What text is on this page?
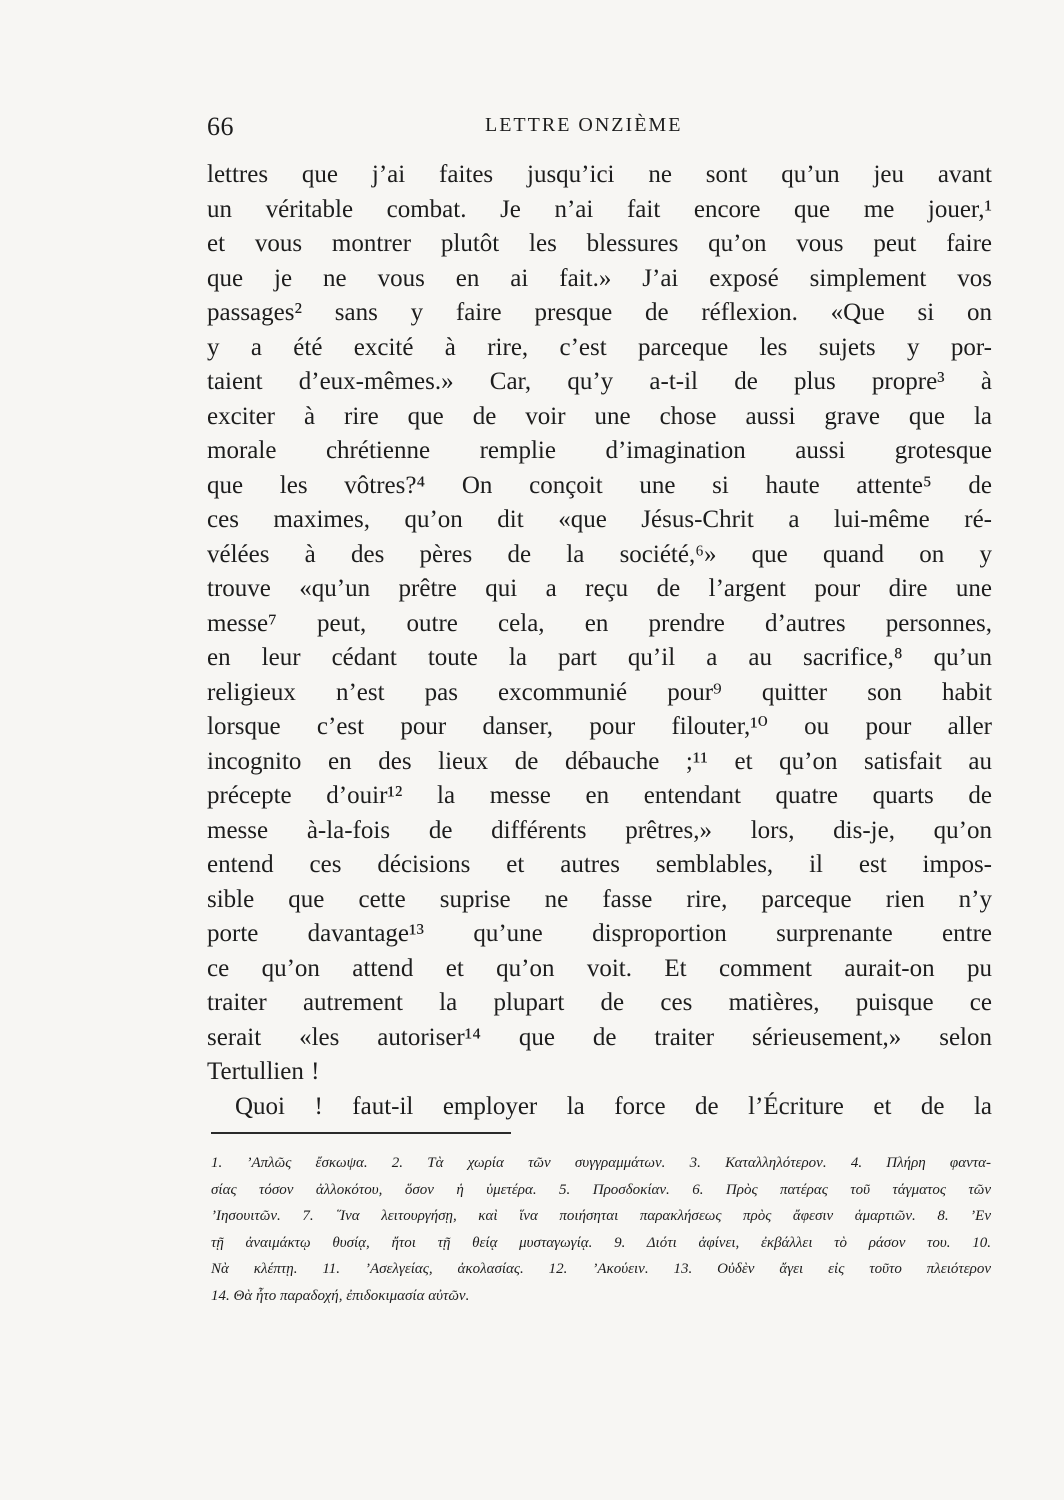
66	LETTRE ONZIÈME
lettres que j’ai faites jusqu’ici ne sont qu’un jeu avant
un véritable combat. Je n’ai fait encore que me jouer,¹
et vous montrer plutôt les blessures qu’on vous peut faire
que je ne vous en ai fait.» J’ai exposé simplement vos
passages² sans y faire presque de réflexion. «Que si on
y a été excité à rire, c’est parceque les sujets y por-
taient d’eux-mêmes.» Car, qu’y a-t-il de plus propre³ à
exciter à rire que de voir une chose aussi grave que la
morale chrétienne remplie d’imagination aussi grotesque
que les vôtres?⁴ On conçoit une si haute attente⁵ de
ces maximes, qu’on dit «que Jésus-Chrit a lui-même ré-
vélées à des pères de la société,⁶» que quand on y
trouve «qu’un prêtre qui a reçu de l’argent pour dire une
messe⁷ peut, outre cela, en prendre d’autres personnes,
en leur cédant toute la part qu’il a au sacrifice,⁸ qu’un
religieux n’est pas excommunié pour⁹ quitter son habit
lorsque c’est pour danser, pour filouter,¹⁰ ou pour aller
incognito en des lieux de débauche ;¹¹ et qu’on satisfait au
précepte d’ouir¹² la messe en entendant quatre quarts de
messe à-la-fois de différents prêtres,» lors, dis-je, qu’on
entend ces décisions et autres semblables, il est impos-
sible que cette suprise ne fasse rire, parceque rien n’y
porte davantage¹³ qu’une disproportion surprenante entre
ce qu’on attend et qu’on voit. Et comment aurait-on pu
traiter autrement la plupart de ces matières, puisque ce
serait «les autoriser¹⁴ que de traiter sérieusement,» selon
Tertullien !
Quoi ! faut-il employer la force de l’Écriture et de la
1. ’Απλῶς ἔσκωψα. 2. Τὰ χωρία τῶν συγγραμμάτων. 3. Καταλληλότερον. 4. Πλήρη φαντα-
σίας τόσον ἀλλοκότου, ὅσον ἡ ὑμετέρα. 5. Προσδοκίαν. 6. Πρὸς πατέρας τοῦ τάγματος τῶν
’Ιησουιτῶν. 7. ῞Ινα λειτουργήσῃ, καὶ ἵνα ποιήσηται παρακλήσεως πρὸς ἄφεσιν ἁμαρτιῶν. 8. ’Εν
τῇ ἀναιμάκτῳ θυσίᾳ, ἤτοι τῇ θείᾳ μυσταγωγίᾳ. 9. Διότι ἀφίνει, ἐκβάλλει τὸ ράσον του. 10.
Νὰ κλέπτῃ. 11. ’Ασελγείας, ἀκολασίας. 12. ’Ακούειν. 13. Οὐδὲν ἄγει εἰς τοῦτο πλειότερον
14. Θὰ ἦτο παραδοχή, ἐπιδοκιμασία αὐτῶν.
